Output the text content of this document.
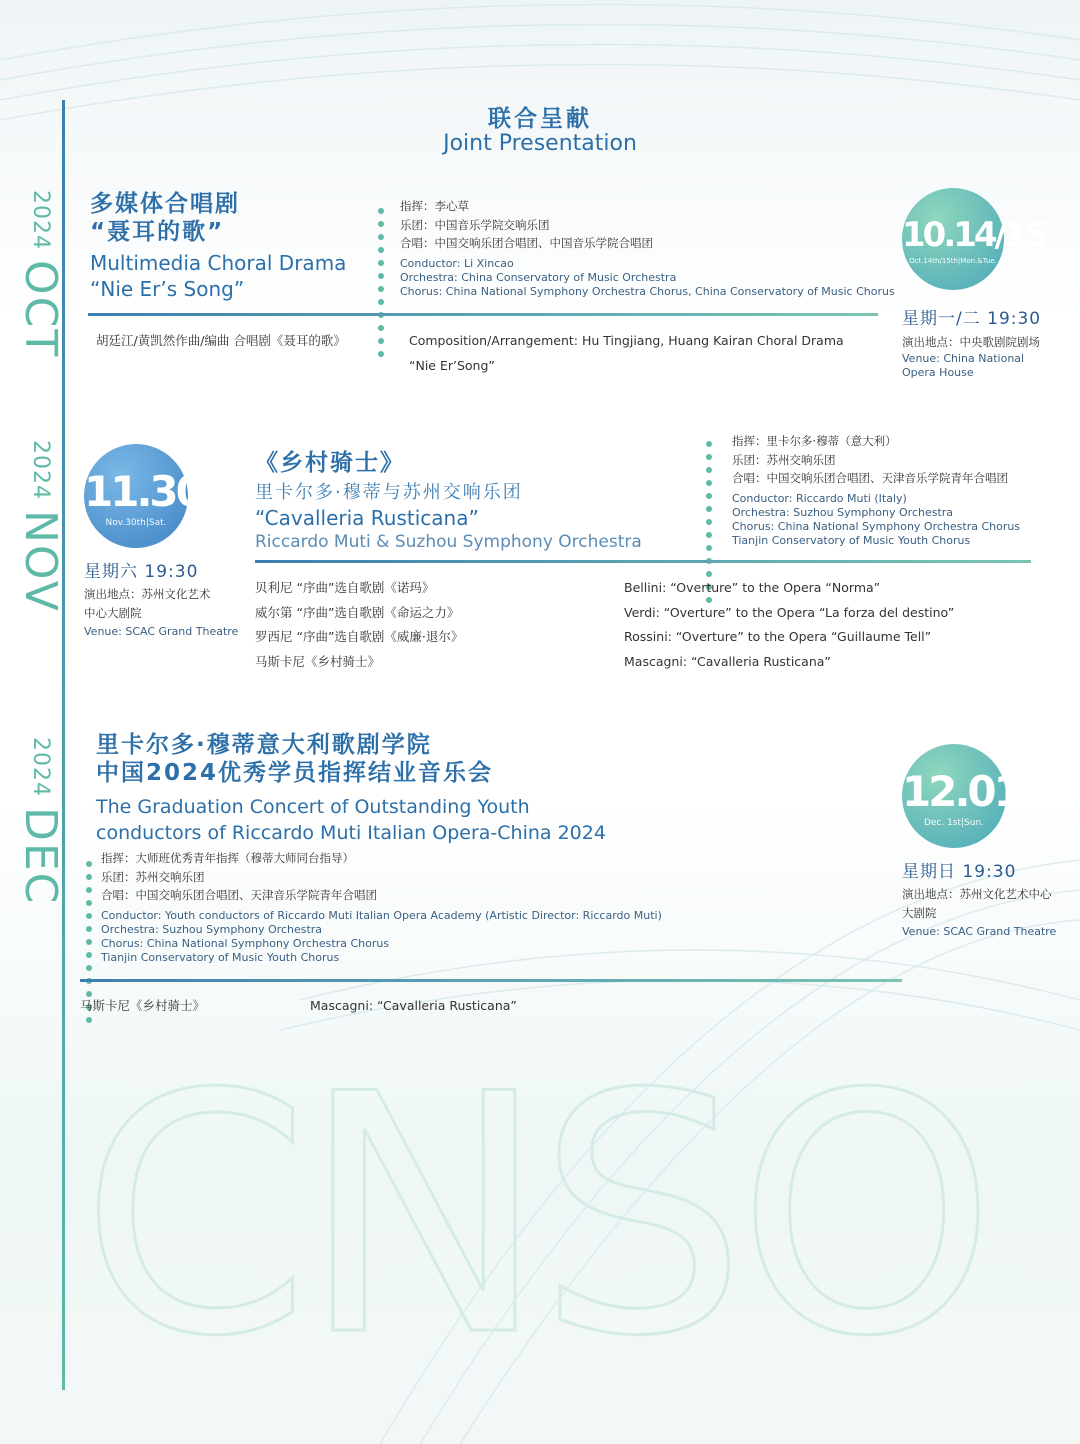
CNSO
2024OCT
2024NOV
2024DEC
联合呈献
Joint Presentation
多媒体合唱剧
“聂耳的歌”
Multimedia Choral Drama
“Nie Er’s Song”
指挥：李心草
乐团：中国音乐学院交响乐团
合唱：中国交响乐团合唱团、中国音乐学院合唱团
Conductor: Li Xincao
Orchestra: China Conservatory of Music Orchestra
Chorus: China National Symphony Orchestra Chorus, China Conservatory of Music Chorus
10.14/15
Oct.14th/15th|Mon.&Tue.
星期一/二 19:30
演出地点：中央歌剧院剧场
Venue: China National
Opera House
胡廷江/黄凯然作曲/编曲 合唱剧《聂耳的歌》	Composition/Arrangement: Hu Tingjiang, Huang Kairan Choral Drama
“Nie Er’Song”
11.30
Nov.30th|Sat.
星期六 19:30
演出地点：苏州文化艺术
中心大剧院
Venue: SCAC Grand Theatre
《乡村骑士》
里卡尔多·穆蒂与苏州交响乐团
“Cavalleria Rusticana”
Riccardo Muti & Suzhou Symphony Orchestra
指挥：里卡尔多·穆蒂（意大利）
乐团：苏州交响乐团
合唱：中国交响乐团合唱团、天津音乐学院青年合唱团
Conductor: Riccardo Muti (Italy)
Orchestra: Suzhou Symphony Orchestra
Chorus: China National Symphony Orchestra Chorus
Tianjin Conservatory of Music Youth Chorus
贝利尼 “序曲”选自歌剧《诺玛》
威尔第 “序曲”选自歌剧《命运之力》
罗西尼 “序曲”选自歌剧《威廉·退尔》
马斯卡尼《乡村骑士》
Bellini: “Overture” to the Opera “Norma”
Verdi: “Overture” to the Opera “La forza del destino”
Rossini: “Overture” to the Opera “Guillaume Tell”
Mascagni: “Cavalleria Rusticana”
里卡尔多·穆蒂意大利歌剧学院
中国2024优秀学员指挥结业音乐会
The Graduation Concert of Outstanding Youth
conductors of Riccardo Muti Italian Opera-China 2024
指挥：大师班优秀青年指挥（穆蒂大师同台指导）
乐团：苏州交响乐团
合唱：中国交响乐团合唱团、天津音乐学院青年合唱团
Conductor: Youth conductors of Riccardo Muti Italian Opera Academy (Artistic Director: Riccardo Muti)
Orchestra: Suzhou Symphony Orchestra
Chorus: China National Symphony Orchestra Chorus
Tianjin Conservatory of Music Youth Chorus
12.01
Dec. 1st|Sun.
星期日 19:30
演出地点：苏州文化艺术中心
大剧院
Venue: SCAC Grand Theatre
马斯卡尼《乡村骑士》	Mascagni: “Cavalleria Rusticana”
